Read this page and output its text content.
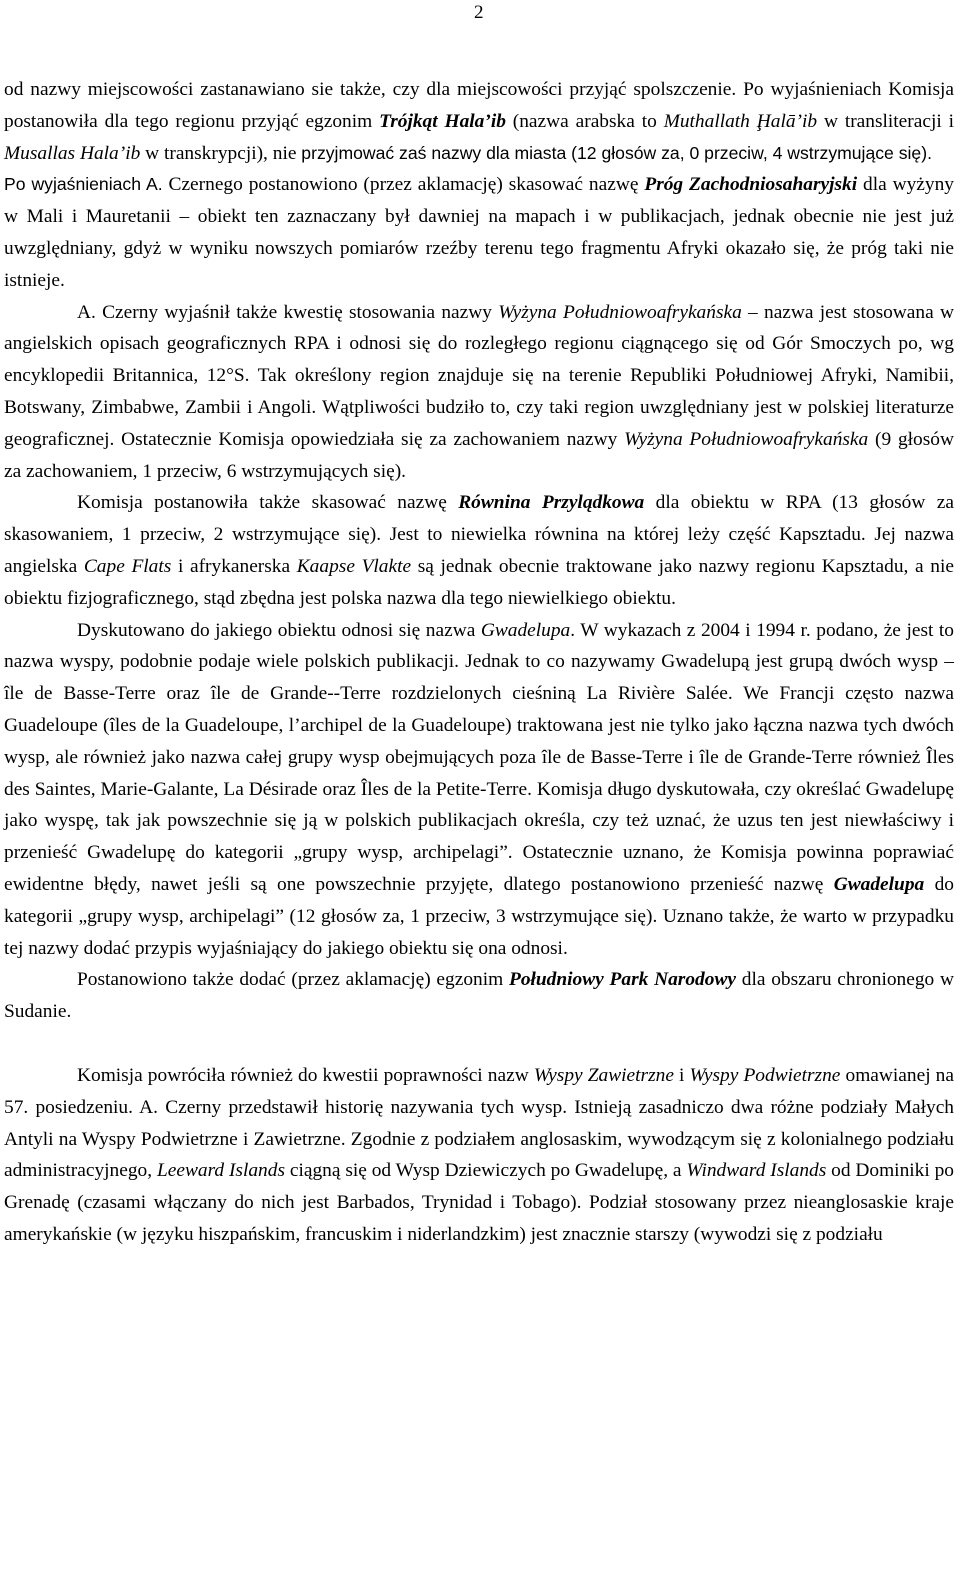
2

od nazwy miejscowości zastanawiano sie także, czy dla miejscowości przyjąć spolszczenie. Po wyjaśnieniach Komisja postanowiła dla tego regionu przyjąć egzonim Trójkąt Hala’ib (nazwa arabska to Muthallath Ḩalā’ib w transliteracji i Musallas Hala’ib w transkrypcji), nie przyjmować zaś nazwy dla miasta (12 głosów za, 0 przeciw, 4 wstrzymujące się).

Po wyjaśnieniach A. Czernego postanowiono (przez aklamację) skasować nazwę Próg Zachodniosaharyjski dla wyżyny w Mali i Mauretanii – obiekt ten zaznaczany był dawniej na mapach i w publikacjach, jednak obecnie nie jest już uwzględniany, gdyż w wyniku nowszych pomiarów rzeźby terenu tego fragmentu Afryki okazało się, że próg taki nie istnieje.

A. Czerny wyjaśnił także kwestię stosowania nazwy Wyżyna Południowoafrykańska – nazwa jest stosowana w angielskich opisach geograficznych RPA i odnosi się do rozległego regionu ciągnącego się od Gór Smoczych po, wg encyklopedii Britannica, 12°S. Tak określony region znajduje się na terenie Republiki Południowej Afryki, Namibii, Botswany, Zimbabwe, Zambii i Angoli. Wątpliwości budziło to, czy taki region uwzględniany jest w polskiej literaturze geograficznej. Ostatecznie Komisja opowiedziała się za zachowaniem nazwy Wyżyna Południowoafrykańska (9 głosów za zachowaniem, 1 przeciw, 6 wstrzymujących się).

Komisja postanowiła także skasować nazwę Równina Przylądkowa dla obiektu w RPA (13 głosów za skasowaniem, 1 przeciw, 2 wstrzymujące się). Jest to niewielka równina na której leży część Kapsztadu. Jej nazwa angielska Cape Flats i afrykanerska Kaapse Vlakte są jednak obecnie traktowane jako nazwy regionu Kapsztadu, a nie obiektu fizjograficznego, stąd zbędna jest polska nazwa dla tego niewielkiego obiektu.

Dyskutowano do jakiego obiektu odnosi się nazwa Gwadelupa. W wykazach z 2004 i 1994 r. podano, że jest to nazwa wyspy, podobnie podaje wiele polskich publikacji. Jednak to co nazywamy Gwadelupą jest grupą dwóch wysp – île de Basse-Terre oraz île de Grande--Terre rozdzielonych cieśniną La Rivière Salée. We Francji często nazwa Guadeloupe (îles de la Guadeloupe, l’archipel de la Guadeloupe) traktowana jest nie tylko jako łączna nazwa tych dwóch wysp, ale również jako nazwa całej grupy wysp obejmujących poza île de Basse-Terre i île de Grande-Terre również Îles des Saintes, Marie-Galante, La Désirade oraz Îles de la Petite-Terre. Komisja długo dyskutowała, czy określać Gwadelupę jako wyspę, tak jak powszechnie się ją w polskich publikacjach określa, czy też uznać, że uzus ten jest niewłaściwy i przenieść Gwadelupę do kategorii „grupy wysp, archipelagi”. Ostatecznie uznano, że Komisja powinna poprawiać ewidentne błędy, nawet jeśli są one powszechnie przyjęte, dlatego postanowiono przenieść nazwę Gwadelupa do kategorii „grupy wysp, archipelagi” (12 głosów za, 1 przeciw, 3 wstrzymujące się). Uznano także, że warto w przypadku tej nazwy dodać przypis wyjaśniający do jakiego obiektu się ona odnosi.

Postanowiono także dodać (przez aklamację) egzonim Południowy Park Narodowy dla obszaru chronionego w Sudanie.

Komisja powróciła również do kwestii poprawności nazw Wyspy Zawietrzne i Wyspy Podwietrzne omawianej na 57. posiedzeniu. A. Czerny przedstawił historię nazywania tych wysp. Istnieją zasadniczo dwa różne podziały Małych Antyli na Wyspy Podwietrzne i Zawietrzne. Zgodnie z podziałem anglosaskim, wywodzącym się z kolonialnego podziału administracyjnego, Leeward Islands ciągną się od Wysp Dziewiczych po Gwadelupę, a Windward Islands od Dominiki po Grenadę (czasami włączany do nich jest Barbados, Trynidad i Tobago). Podział stosowany przez nieanglosaskie kraje amerykańskie (w języku hiszpańskim, francuskim i niderlandzkim) jest znacznie starszy (wywodzi się z podziału
